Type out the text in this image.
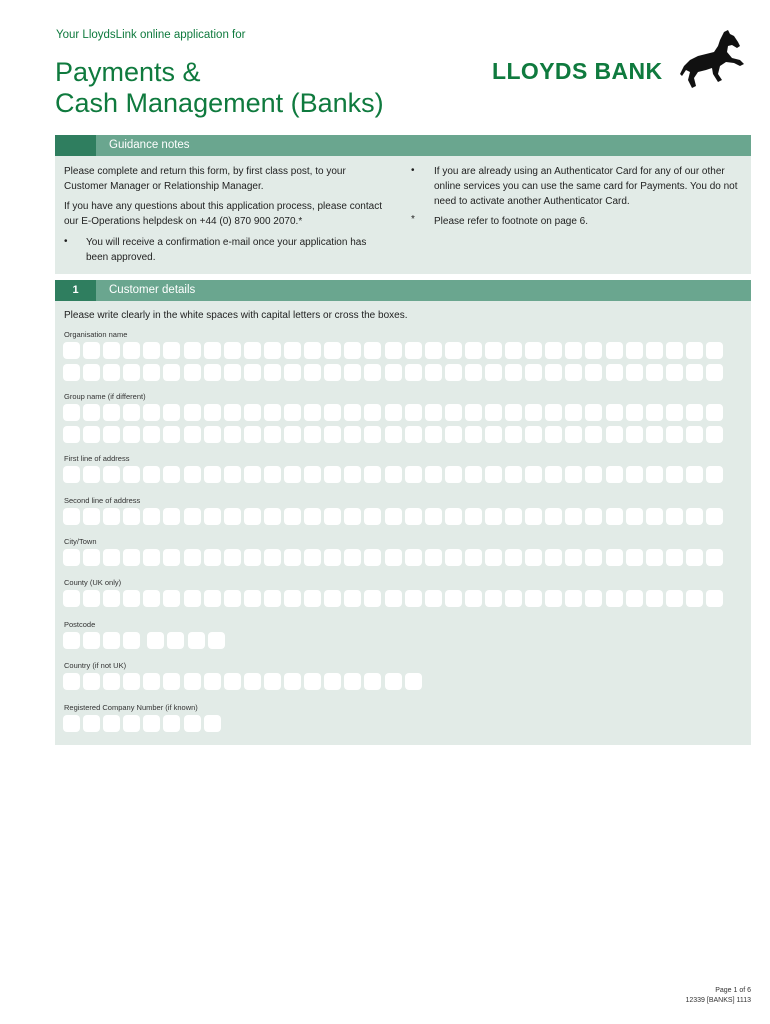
Your LloydsLink online application for
Payments &
Cash Management (Banks)
LLOYDS BANK
Guidance notes
Please complete and return this form, by first class post, to your Customer Manager or Relationship Manager.
If you have any questions about this application process, please contact our E-Operations helpdesk on +44 (0) 870 900 2070.*
• You will receive a confirmation e-mail once your application has been approved.
• If you are already using an Authenticator Card for any of our other online services you can use the same card for Payments. You do not need to activate another Authenticator Card.
* Please refer to footnote on page 6.
1	Customer details
Please write clearly in the white spaces with capital letters or cross the boxes.
Organisation name
Group name (if different)
First line of address
Second line of address
City/Town
County (UK only)
Postcode
Country (if not UK)
Registered Company Number (if known)
Page 1 of 6
12339 [BANKS] 1113
